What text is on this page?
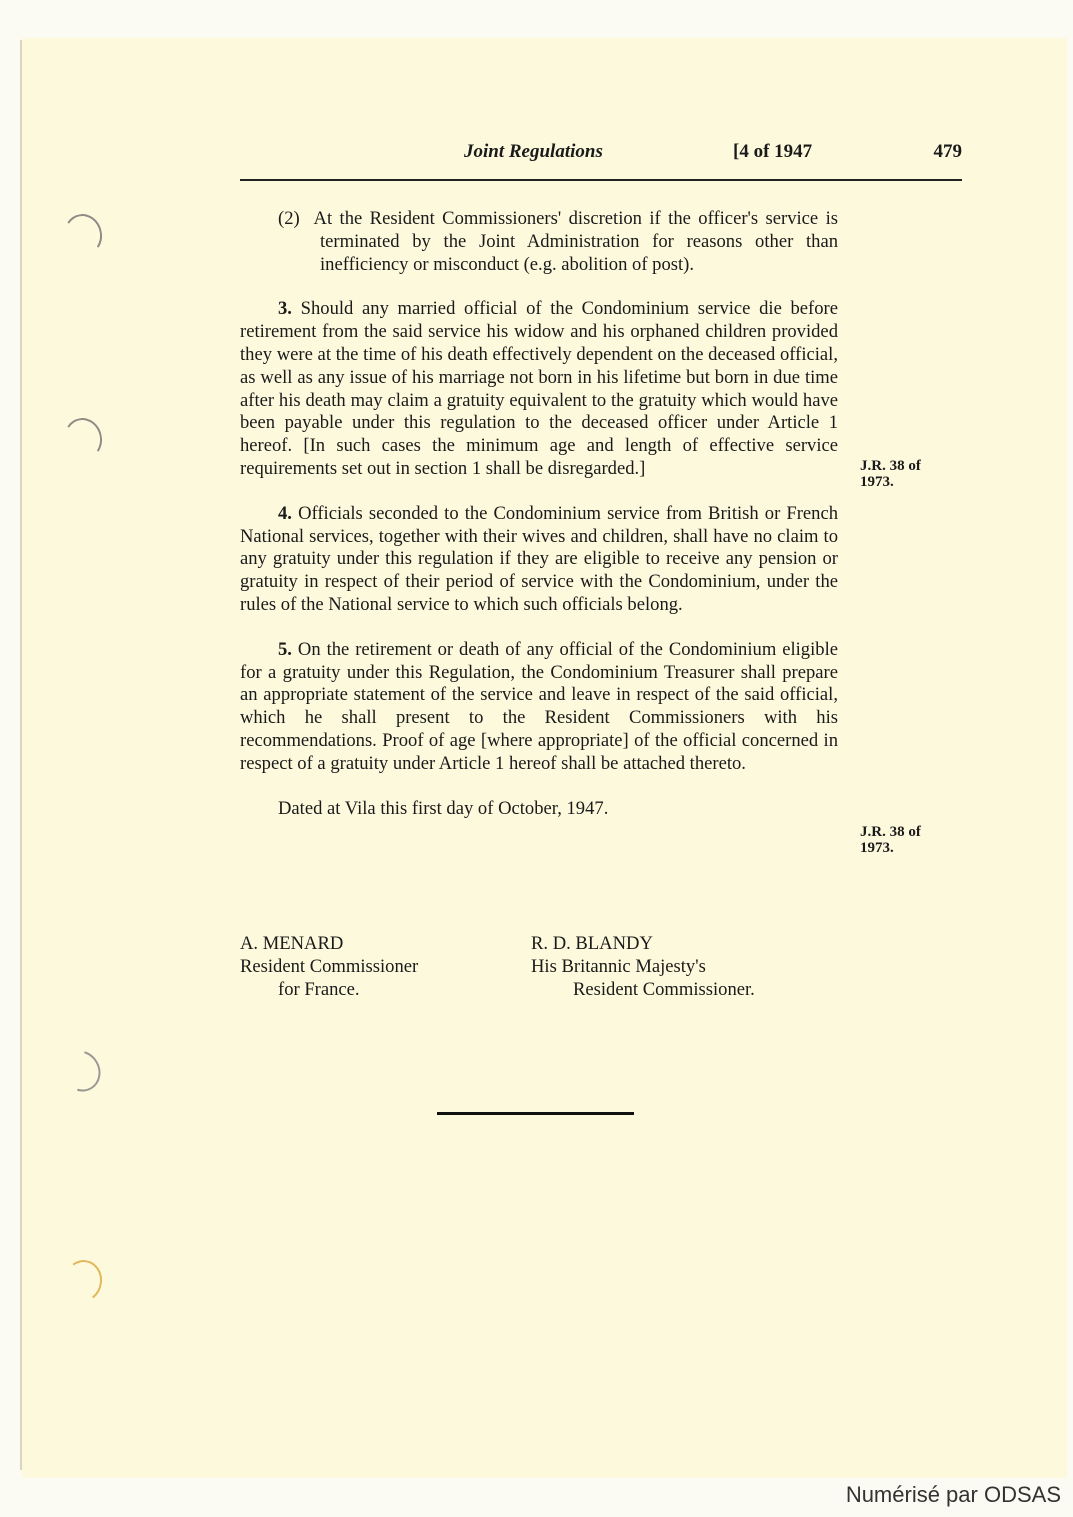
Joint Regulations	[4 of 1947	479

(2) At the Resident Commissioners' discretion if the officer's service is terminated by the Joint Administration for reasons other than inefficiency or misconduct (e.g. abolition of post).

3. Should any married official of the Condominium service die before retirement from the said service his widow and his orphaned children provided they were at the time of his death effectively dependent on the deceased official, as well as any issue of his marriage not born in his lifetime but born in due time after his death may claim a gratuity equivalent to the gratuity which would have been payable under this regulation to the deceased officer under Article 1 hereof. [In such cases the minimum age and length of effective service requirements set out in section 1 shall be disregarded.]

4. Officials seconded to the Condominium service from British or French National services, together with their wives and children, shall have no claim to any gratuity under this regulation if they are eligible to receive any pension or gratuity in respect of their period of service with the Condominium, under the rules of the National service to which such officials belong.

5. On the retirement or death of any official of the Condominium eligible for a gratuity under this Regulation, the Condominium Treasurer shall prepare an appropriate statement of the service and leave in respect of the said official, which he shall present to the Resident Commissioners with his recommendations. Proof of age [where appropriate] of the official concerned in respect of a gratuity under Article 1 hereof shall be attached thereto.

Dated at Vila this first day of October, 1947.

J.R. 38 of
1973.
J.R. 38 of
1973.
A. MENARD
Resident Commissioner
for France.
R. D. BLANDY
His Britannic Majesty's
Resident Commissioner.
Numérisé par ODSAS
